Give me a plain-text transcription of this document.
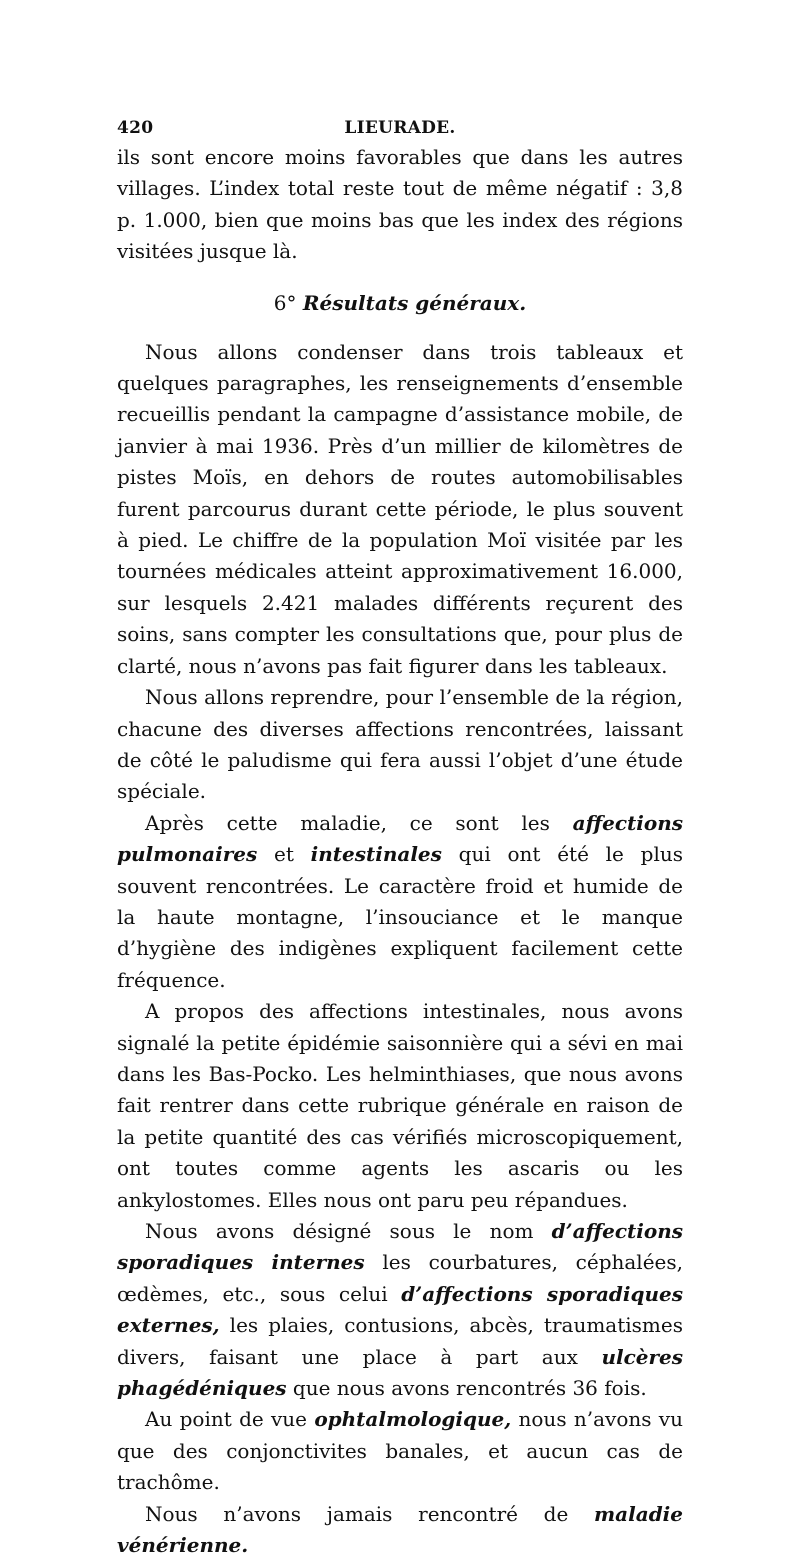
420	LIEURADE.

ils sont encore moins favorables que dans les autres villages. L’index total reste tout de même négatif : 3,8 p. 1.000, bien que moins bas que les index des régions visitées jusque là.

6° Résultats généraux.

Nous allons condenser dans trois tableaux et quelques paragraphes, les renseignements d’ensemble recueillis pendant la campagne d’assistance mobile, de janvier à mai 1936. Près d’un millier de kilomètres de pistes Moïs, en dehors de routes automobilisables furent parcourus durant cette période, le plus souvent à pied. Le chiffre de la population Moï visitée par les tournées médicales atteint approximativement 16.000, sur lesquels 2.421 malades différents reçurent des soins, sans compter les consultations que, pour plus de clarté, nous n’avons pas fait figurer dans les tableaux.

Nous allons reprendre, pour l’ensemble de la région, chacune des diverses affections rencontrées, laissant de côté le paludisme qui fera aussi l’objet d’une étude spéciale.

Après cette maladie, ce sont les affections pulmonaires et intestinales qui ont été le plus souvent rencontrées. Le caractère froid et humide de la haute montagne, l’insouciance et le manque d’hygiène des indigènes expliquent facilement cette fréquence.

A propos des affections intestinales, nous avons signalé la petite épidémie saisonnière qui a sévi en mai dans les Bas-Pocko. Les helminthiases, que nous avons fait rentrer dans cette rubrique générale en raison de la petite quantité des cas vérifiés microscopiquement, ont toutes comme agents les ascaris ou les ankylostomes. Elles nous ont paru peu répandues.

Nous avons désigné sous le nom d’affections sporadiques internes les courbatures, céphalées, œdèmes, etc., sous celui d’affections sporadiques externes, les plaies, contusions, abcès, traumatismes divers, faisant une place à part aux ulcères phagédéniques que nous avons rencontrés 36 fois.

Au point de vue ophtalmologique, nous n’avons vu que des conjonctivites banales, et aucun cas de trachôme.

Nous n’avons jamais rencontré de maladie vénérienne.
